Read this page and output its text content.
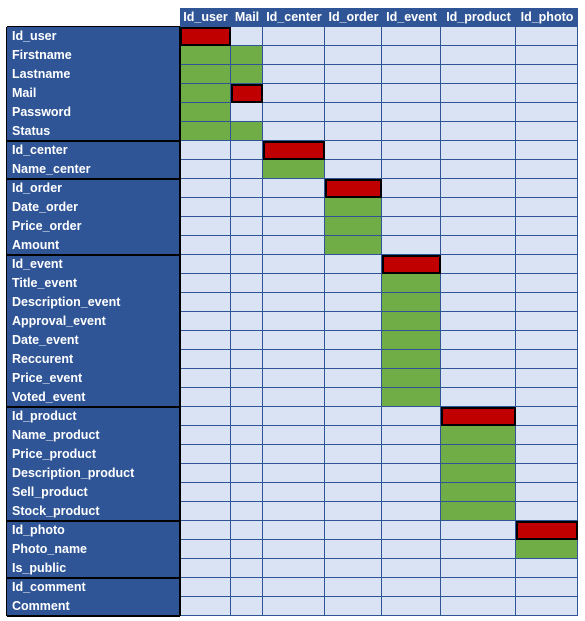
Id_user Mail Id_center Id_order Id_event Id_product Id_photo
Id_user
Firstname
Lastname
Mail
Password
Status
Id_center
Name_center
Id_order
Date_order
Price_order
Amount
Id_event
Title_event
Description_event
Approval_event
Date_event
Reccurent
Price_event
Voted_event
Id_product
Name_product
Price_product
Description_product
Sell_product
Stock_product
Id_photo
Photo_name
Is_public
Id_comment
Comment
